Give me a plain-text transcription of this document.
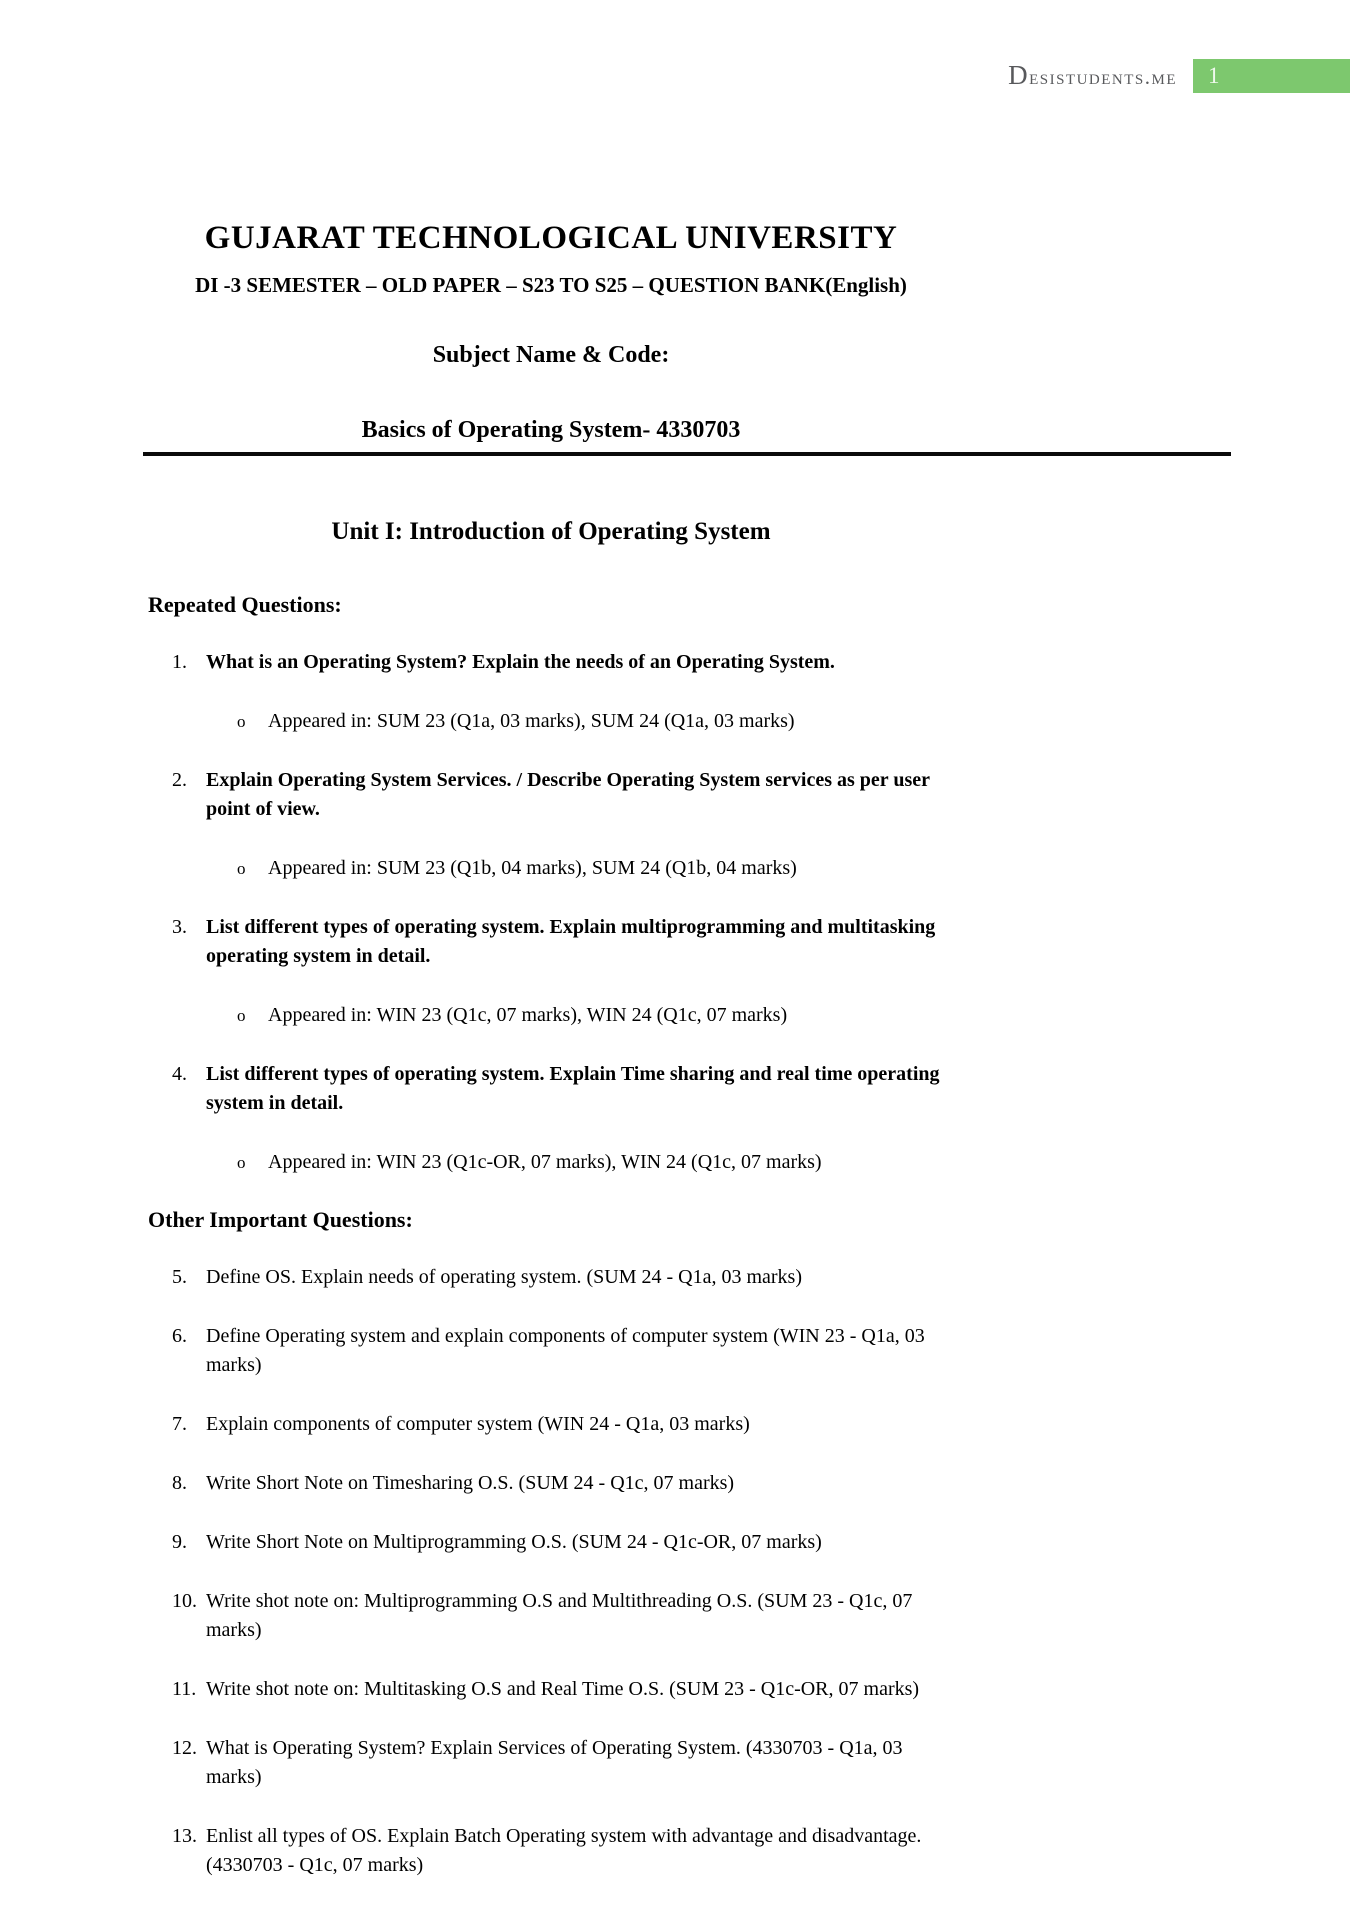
Desistudents.me 1
GUJARAT TECHNOLOGICAL UNIVERSITY
DI -3 SEMESTER – OLD PAPER – S23 TO S25 – QUESTION BANK(English)
Subject Name & Code:
Basics of Operating System- 4330703
Unit I: Introduction of Operating System
Repeated Questions:
1. What is an Operating System? Explain the needs of an Operating System.
o	Appeared in: SUM 23 (Q1a, 03 marks), SUM 24 (Q1a, 03 marks)
2. Explain Operating System Services. / Describe Operating System services as per user point of view.
o	Appeared in: SUM 23 (Q1b, 04 marks), SUM 24 (Q1b, 04 marks)
3. List different types of operating system. Explain multiprogramming and multitasking operating system in detail.
o	Appeared in: WIN 23 (Q1c, 07 marks), WIN 24 (Q1c, 07 marks)
4. List different types of operating system. Explain Time sharing and real time operating system in detail.
o	Appeared in: WIN 23 (Q1c-OR, 07 marks), WIN 24 (Q1c, 07 marks)
Other Important Questions:
5. Define OS. Explain needs of operating system. (SUM 24 - Q1a, 03 marks)
6. Define Operating system and explain components of computer system (WIN 23 - Q1a, 03 marks)
7. Explain components of computer system (WIN 24 - Q1a, 03 marks)
8. Write Short Note on Timesharing O.S. (SUM 24 - Q1c, 07 marks)
9. Write Short Note on Multiprogramming O.S. (SUM 24 - Q1c-OR, 07 marks)
10. Write shot note on: Multiprogramming O.S and Multithreading O.S. (SUM 23 - Q1c, 07 marks)
11. Write shot note on: Multitasking O.S and Real Time O.S. (SUM 23 - Q1c-OR, 07 marks)
12. What is Operating System? Explain Services of Operating System. (4330703 - Q1a, 03 marks)
13. Enlist all types of OS. Explain Batch Operating system with advantage and disadvantage. (4330703 - Q1c, 07 marks)
